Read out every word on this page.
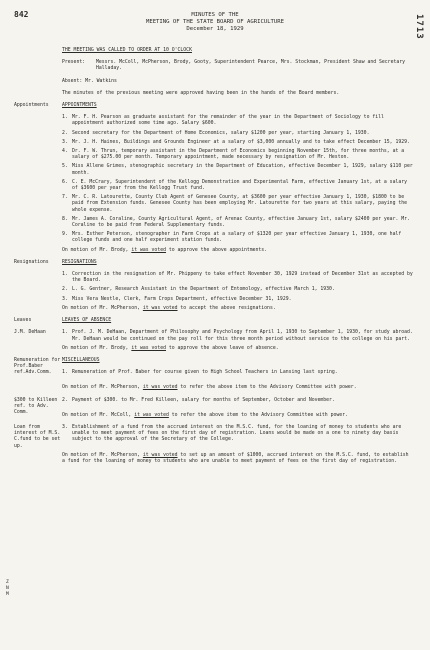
842	1713
MINUTES OF THE
MEETING OF THE STATE BOARD OF AGRICULTURE
December 18, 1929
THE MEETING WAS CALLED TO ORDER AT 10 O'CLOCK
Present:	Messrs. McColl, McPherson, Brody, Gooty, Superintendent Pearce, Mrs. Stockman, President Shaw and Secretary Halladay.
Absent: Mr. Watkins
The minutes of the previous meeting were approved having been in the hands of the Board members.
Appointments	APPOINTMENTS
1. Mr. F. H. Pearson as graduate assistant for the remainder of the year in the Department of Sociology to fill appointment authorized some time ago. Salary $600.
2. Second secretary for the Department of Home Economics, salary $1200 per year, starting January 1, 1930.
3. Mr. J. H. Haines, Buildings and Grounds Engineer at a salary of $3,000 annually and to take effect December 15, 1929.
4. Dr. F. W. Thrun, temporary assistant in the Department of Economics beginning November 15th, for three months, at a salary of $275.00 per month. Temporary appointment, made necessary by resignation of Mr. Heston.
5. Miss Allene Grimes, stenographic secretary in the Department of Education, effective December 1, 1929, salary $110 per month.
6. C. E. McCrary, Superintendent of the Kellogg Demonstration and Experimental Farm, effective January 1st, at a salary of $3600 per year from the Kellogg Trust fund.
7. Mr. C. R. Latourette, County Club Agent of Genesee County, at $3600 per year effective January 1, 1930, $1800 to be paid from Extension funds. Genesee County has been employing Mr. Latourette for two years at this salary, paying the whole expense.
8. Mr. James A. Coraline, County Agricultural Agent, of Arenac County, effective January 1st, salary $2400 per year. Mr. Coraline to be paid from Federal Supplementary funds.
9. Mrs. Esther Peterson, stenographer in Farm Crops at a salary of $1320 per year effective January 1, 1930, one half college funds and one half experiment station funds.
On motion of Mr. Brody, it was voted to approve the above appointments.
Resignations	RESIGNATIONS
1. Correction in the resignation of Mr. Phippeny to take effect November 30, 1929 instead of December 31st as accepted by the Board.
2. L. G. Gentner, Research Assistant in the Department of Entomology, effective March 1, 1930.
3. Miss Vera Nestle, Clerk, Farm Crops Department, effective December 31, 1929.
On motion of Mr. McPherson, it was voted to accept the above resignations.
Leaves	LEAVES OF ABSENCE
J.M. DeHaan	1. Prof. J. M. DeHaan, Department of Philosophy and Psychology from April 1, 1930 to September 1, 1930, for study abroad. Mr. DeHaan would be continued on the pay roll for this three month period without service to the college on his part.
On motion of Mr. Brody, it was voted to approve the above leave of absence.
Remuneration for Prof.Baber ref.Adv.Comm.
MISCELLANEOUS
1. Remuneration of Prof. Baber for course given to High School Teachers in Lansing last spring.
On motion of Mr. McPherson, it was voted to refer the above item to the Advisory Committee with power.
$300 to Killeen ref. to Adv. Comm.
2. Payment of $300. to Mr. Fred Killeen, salary for months of September, October and November.
On motion of Mr. McColl, it was voted to refer the above item to the Advisory Committee with power.
Loan from interest of M.S. C.fund to be set up.
3. Establishment of a fund from the accrued interest on the M.S.C. fund, for the loaning of money to students who are unable to meet payment of fees on the first day of registration. Loans would be made on a one to ninety day basis subject to the approval of the Secretary of the College.
On motion of Mr. McPherson, it was voted to set up an amount of $1000, accrued interest on the M.S.C. fund, to establish a fund for the loaning of money to students who are unable to meet payment of fees on the first day of registration.
Z N M
